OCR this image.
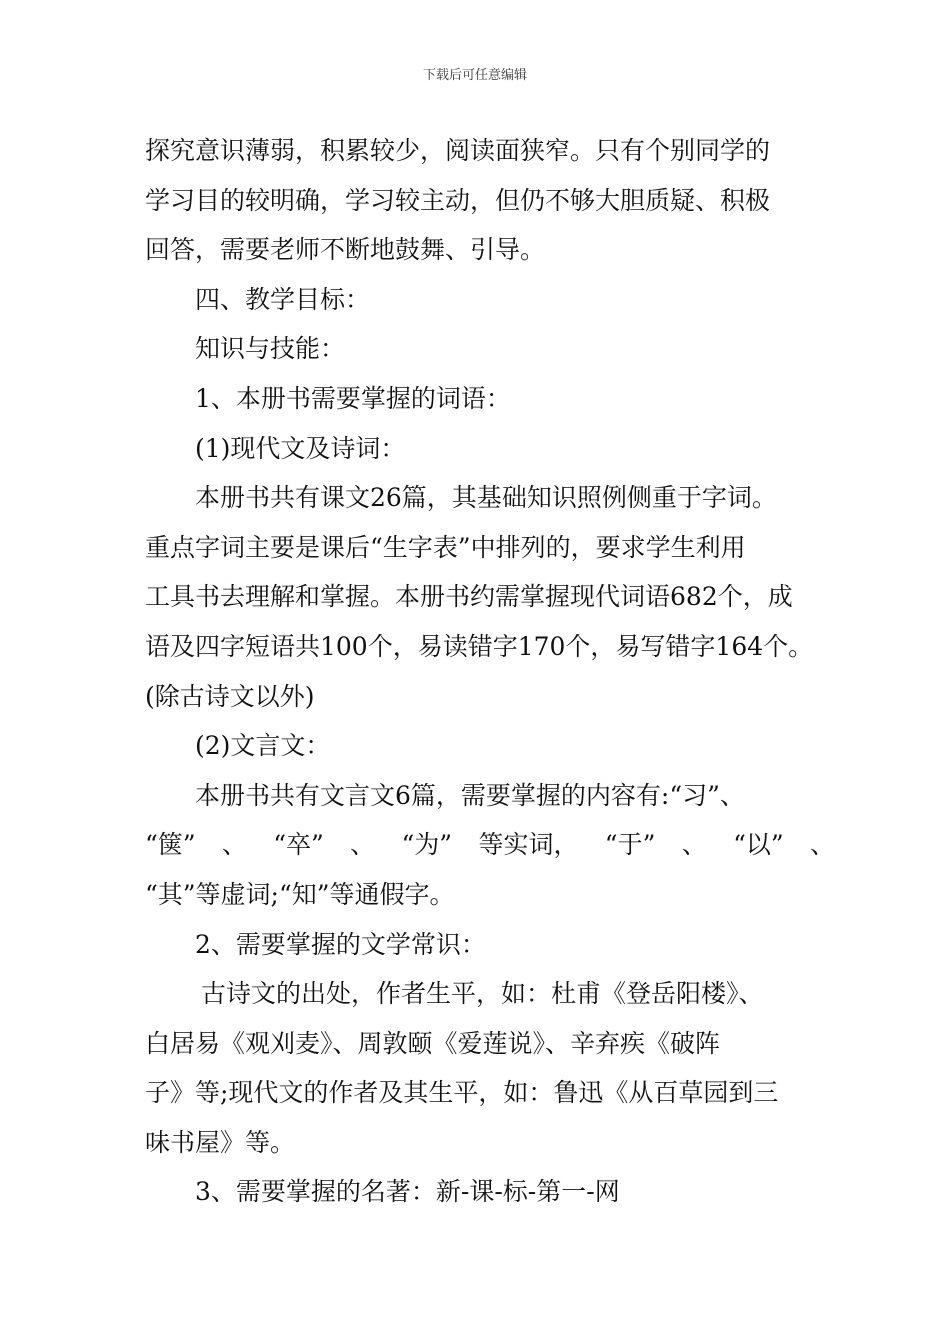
下载后可任意编辑
探究意识薄弱，积累较少，阅读面狭窄。只有个别同学的
学习目的较明确，学习较主动，但仍不够大胆质疑、积极
回答，需要老师不断地鼓舞、引导。
四、教学目标：
知识与技能：
1、本册书需要掌握的词语：
(1)现代文及诗词：
本册书共有课文26篇，其基础知识照例侧重于字词。
重点字词主要是课后“生字表”中排列的，要求学生利用
工具书去理解和掌握。本册书约需掌握现代词语682个，成
语及四字短语共100个，易读错字170个，易写错字164个。
(除古诗文以外)
(2)文言文：
本册书共有文言文6篇，需要掌握的内容有:“习”、
“箧” 、 “卒” 、 “为” 等实词， “于” 、 “以” 、
“其”等虚词;“知”等通假字。
2、需要掌握的文学常识：
古诗文的出处，作者生平，如：杜甫《登岳阳楼》、
白居易《观刈麦》、周敦颐《爱莲说》、辛弃疾《破阵
子》等;现代文的作者及其生平，如：鲁迅《从百草园到三
味书屋》等。
3、需要掌握的名著：新-课-标-第一-网
